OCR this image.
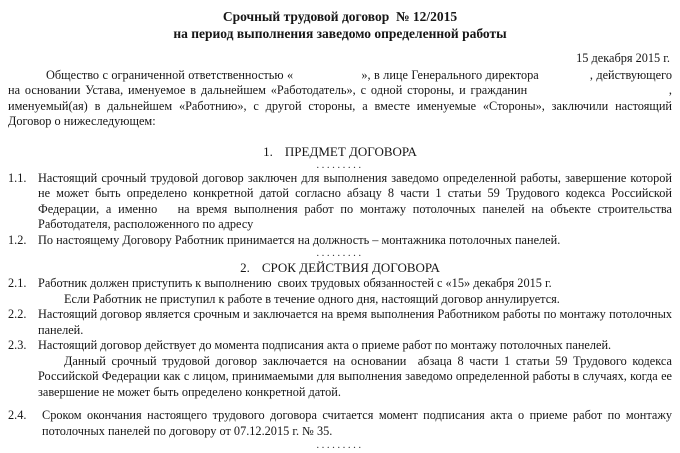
Срочный трудовой договор  № 12/2015
на период выполнения заведомо определенной работы
15 декабря 2015 г.

Общество с ограниченной ответственностью «                    », в лице Генерального директора               , действующего на основании Устава, именуемое в дальнейшем «Работодатель», с одной стороны, и гражданин                             , именуемый(ая) в дальнейшем «Работнию», с другой стороны, а вместе именуемые «Стороны», заключили настоящий Договор о нижеследующем:

1. ПРЕДМЕТ ДОГОВОРА
.........
1.1. Настоящий срочный трудовой договор заключен для выполнения заведомо определенной работы, завершение которой не может быть определено конкретной датой согласно абзацу 8 части 1 статьи 59 Трудового кодекса Российской Федерации, а именно   на время выполнения работ по монтажу потолочных панелей на объекте строительства Работодателя, расположенного по адресу
1.2. По настоящему Договору Работник принимается на должность – монтажника потолочных панелей.
.........
2. СРОК ДЕЙСТВИЯ ДОГОВОРА
2.1. Работник должен приступить к выполнению  своих трудовых обязанностей с «15» декабря 2015 г.
Если Работник не приступил к работе в течение одного дня, настоящий договор аннулируется.
2.2. Настоящий договор является срочным и заключается на время выполнения Работником работы по монтажу потолочных панелей.
2.3. Настоящий договор действует до момента подписания акта о приеме работ по монтажу потолочных панелей.
Данный срочный трудовой договор заключается на основании  абзаца 8 части 1 статьи 59 Трудового кодекса Российской Федерации как с лицом, принимаемыми для выполнения заведомо определенной работы в случаях, когда ее завершение не может быть определено конкретной датой.
2.4. Сроком окончания настоящего трудового договора считается момент подписания акта о приеме работ по монтажу потолочных панелей по договору от 07.12.2015 г. № 35.
.........
